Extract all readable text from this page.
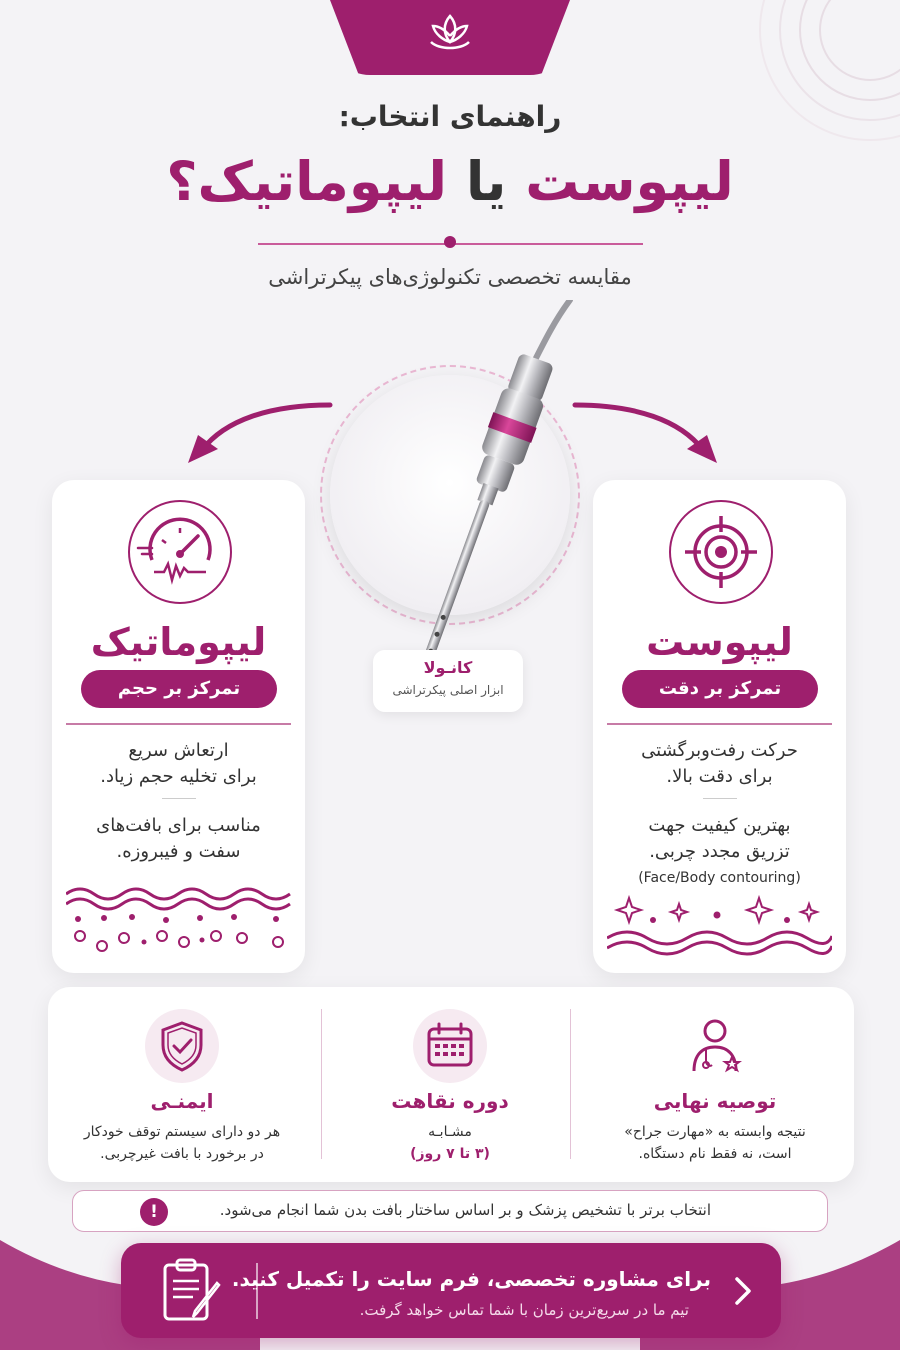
راهنمای انتخاب:
لیپوست یا لیپوماتیک؟
مقایسه تخصصی تکنولوژی‌های پیکرتراشی
کانـولا
ابزار اصلی پیکرتراشی
لیپوماتیک
تمرکز بر حجم
ارتعاش سریع
برای تخلیه حجم زیاد.
مناسب برای بافت‌های
سفت و فیبروزه.
لیپوست
تمرکز بر دقت
حرکت رفت‌وبرگشتی
برای دقت بالا.
بهترین کیفیت جهت
تزریق مجدد چربی.
(Face/Body contouring)
ایمنـی
هر دو دارای سیستم توقف خودکار
در برخورد با بافت غیرچربی.
دوره نقاهت
مشـابـه
(۳ تا ۷ روز)
توصیه نهایی
نتیجه وابسته به «مهارت جراح»
است، نه فقط نام دستگاه.
!	انتخاب برتر با تشخیص پزشک و بر اساس ساختار بافت بدن شما انجام می‌شود.
برای مشاوره تخصصی، فرم سایت را تکمیل کنید.
تیم ما در سریع‌ترین زمان با شما تماس خواهد گرفت.
